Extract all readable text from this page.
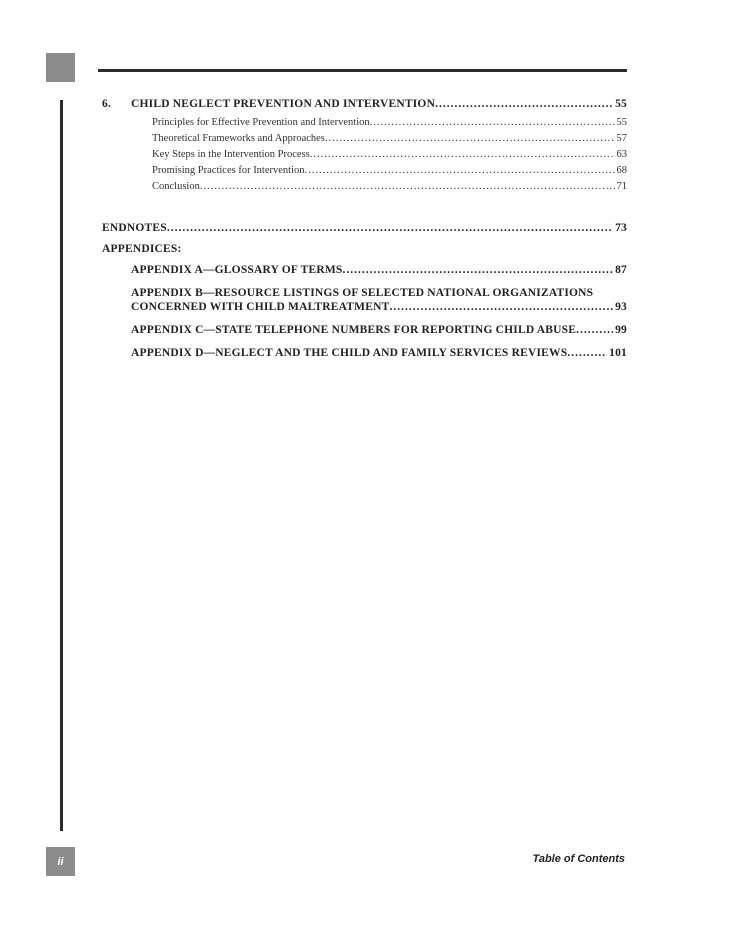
6. CHILD NEGLECT PREVENTION AND INTERVENTION .....	55
Principles for Effective Prevention and Intervention .....	55
Theoretical Frameworks and Approaches .....	57
Key Steps in the Intervention Process .....	63
Promising Practices for Intervention .....	68
Conclusion .....	71
ENDNOTES .....	73
APPENDICES:
APPENDIX A—GLOSSARY OF TERMS .....	87
APPENDIX B—RESOURCE LISTINGS OF SELECTED NATIONAL ORGANIZATIONS
CONCERNED WITH CHILD MALTREATMENT .....	93
APPENDIX C—STATE TELEPHONE NUMBERS FOR REPORTING CHILD ABUSE .....	99
APPENDIX D—NEGLECT AND THE CHILD AND FAMILY SERVICES REVIEWS .....	101
ii	Table of Contents
